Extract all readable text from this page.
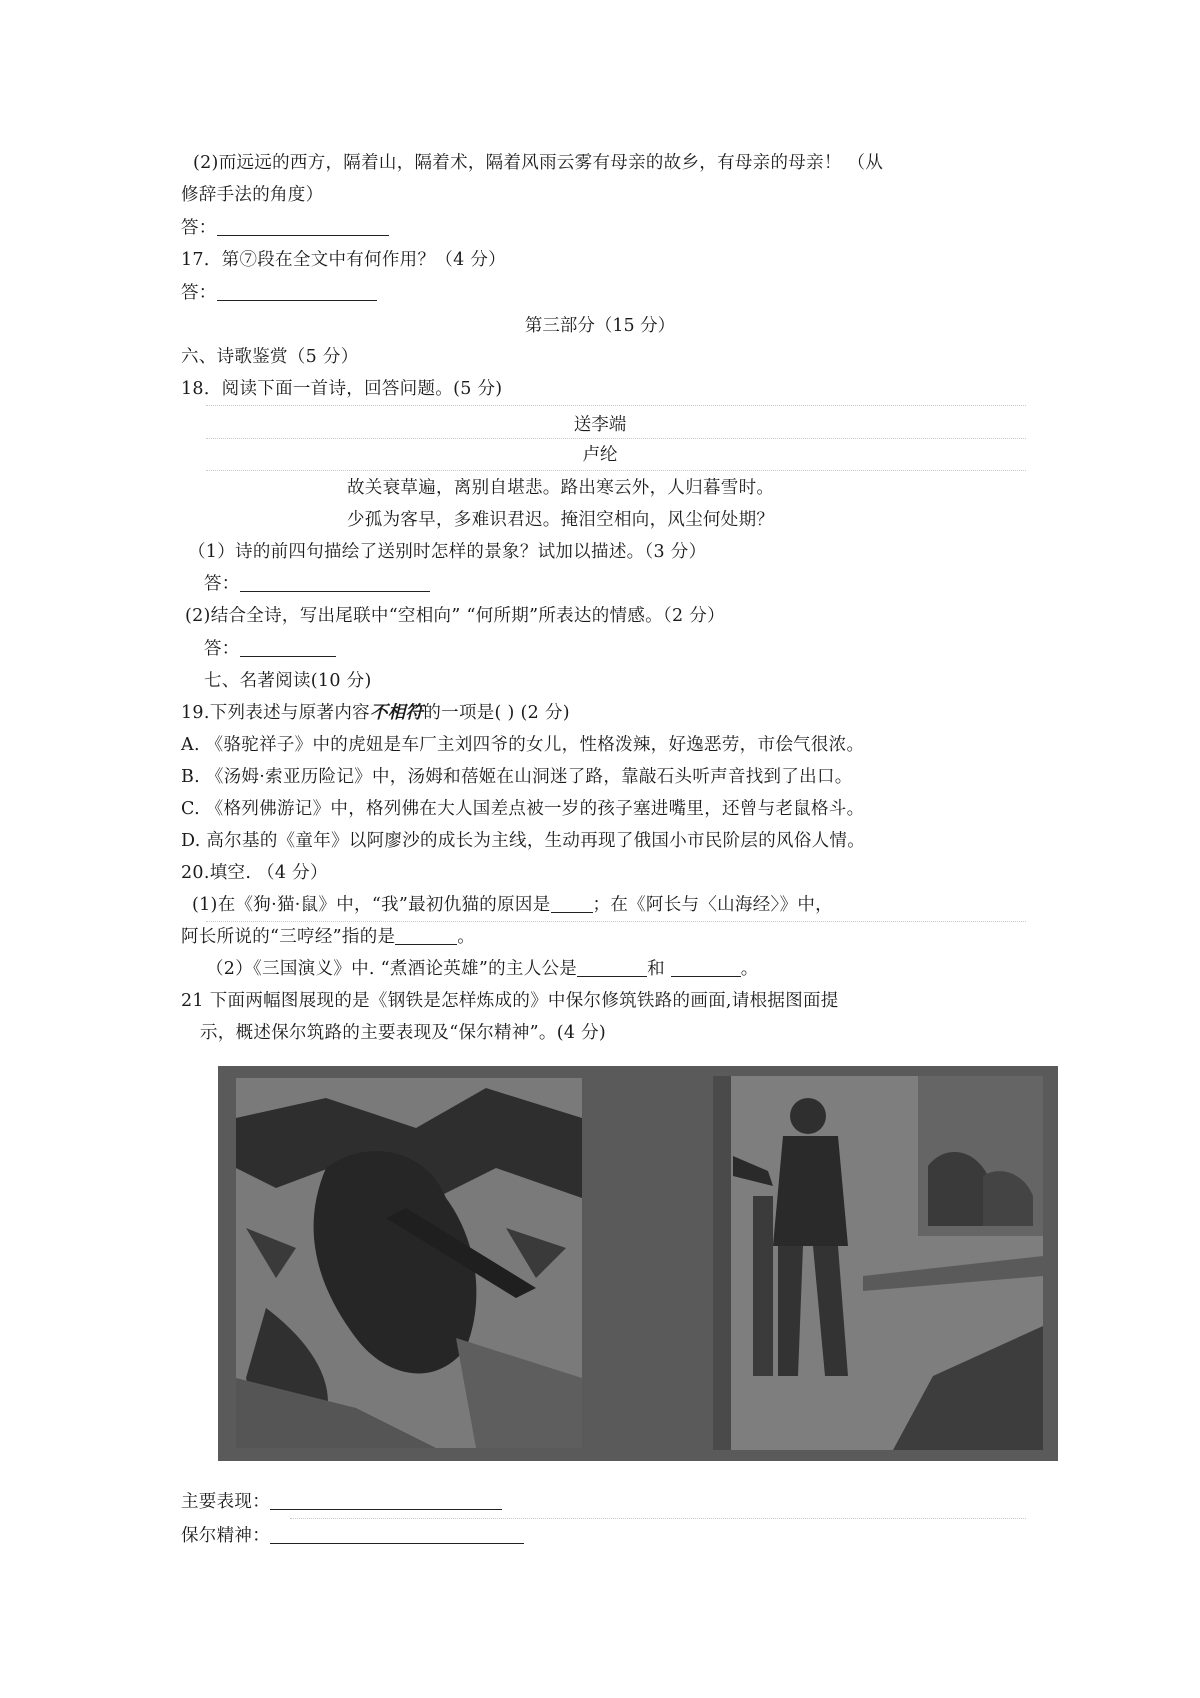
(2)而远远的西方，隔着山，隔着术，隔着风雨云雾有母亲的故乡，有母亲的母亲！ （从
修辞手法的角度）
答：
17．第⑦段在全文中有何作用？（4 分）
答：
第三部分（15 分）
六、诗歌鉴赏（5 分）
18．阅读下面一首诗，回答问题。(5 分)
送李端
卢纶
故关衰草遍，离别自堪悲。路出寒云外，人归暮雪时。
少孤为客早，多难识君迟。掩泪空相向，风尘何处期？
（1）诗的前四句描绘了送别时怎样的景象？试加以描述。（3 分）
答：
(2)结合全诗，写出尾联中“空相向” “何所期”所表达的情感。（2 分）
答：
七、名著阅读(10 分)
19.下列表述与原著内容不相符的一项是( ) (2 分)
A. 《骆驼祥子》中的虎妞是车厂主刘四爷的女儿，性格泼辣，好逸恶劳，市侩气很浓。
B. 《汤姆·索亚历险记》中，汤姆和蓓姬在山洞迷了路，靠敲石头听声音找到了出口。
C. 《格列佛游记》中，格列佛在大人国差点被一岁的孩子塞进嘴里，还曾与老鼠格斗。
D. 高尔基的《童年》以阿廖沙的成长为主线，生动再现了俄国小市民阶层的风俗人情。
20.填空. （4 分）
(1)在《狗·猫·鼠》中，“我”最初仇猫的原因是 ；在《阿长与〈山海经〉》中，
阿长所说的“三哼经”指的是	。
（2）《三国演义》中. “煮酒论英雄”的主人公是	和	。
21 下面两幅图展现的是《钢铁是怎样炼成的》中保尔修筑铁路的画面,请根据图面提
示，概述保尔筑路的主要表现及“保尔精神”。(4 分)
主要表现：
保尔精神：
